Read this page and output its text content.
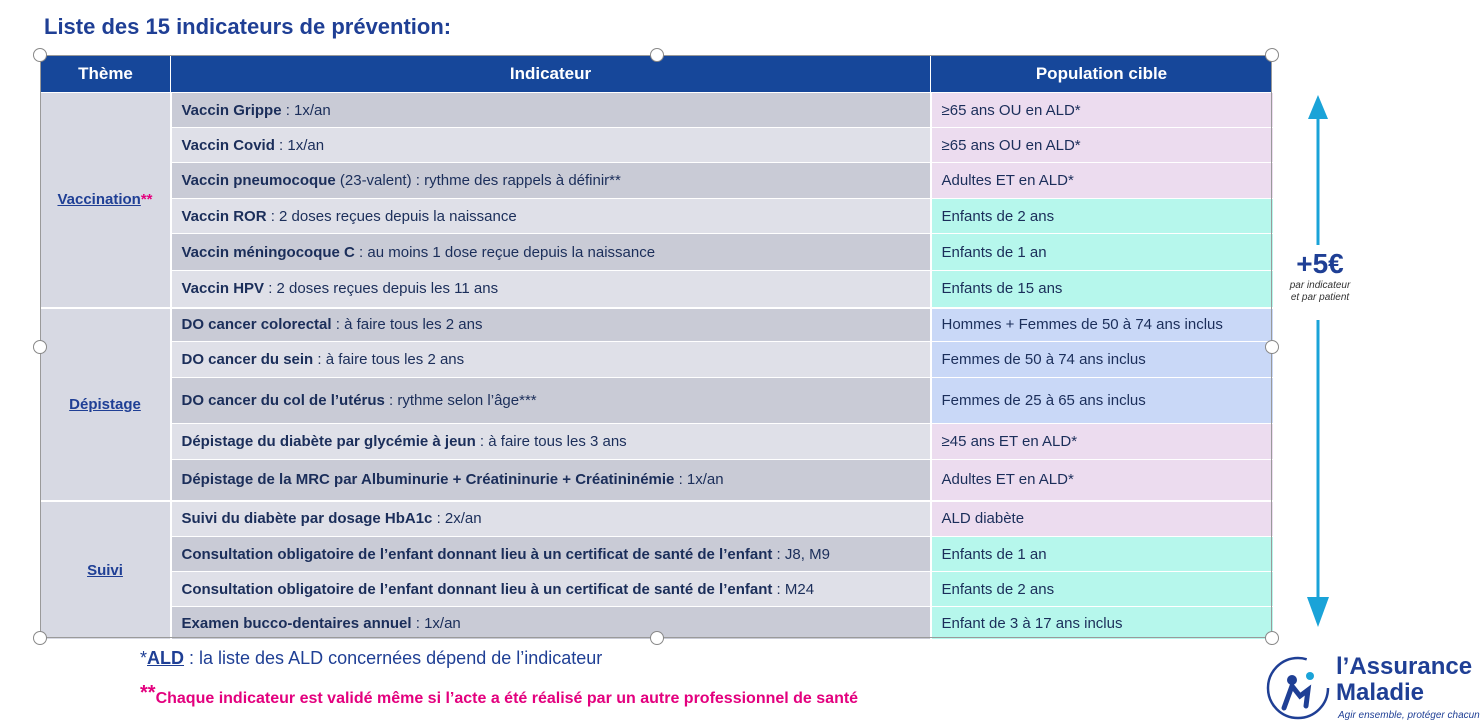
Liste des 15 indicateurs de prévention:
Thème	Indicateur	Population cible
Vaccination**	Vaccin Grippe : 1x/an	≥65 ans OU en ALD*
	Vaccin Covid : 1x/an	≥65 ans OU en ALD*
	Vaccin pneumocoque (23-valent) : rythme des rappels à définir**	Adultes ET en ALD*
	Vaccin ROR : 2 doses reçues depuis la naissance	Enfants de 2 ans
	Vaccin méningocoque C : au moins 1 dose reçue depuis la naissance	Enfants de 1 an
	Vaccin HPV : 2 doses reçues depuis les 11 ans	Enfants de 15 ans
Dépistage	DO cancer colorectal : à faire tous les 2 ans	Hommes + Femmes de 50 à 74 ans inclus
	DO cancer du sein : à faire tous les 2 ans	Femmes de 50 à 74 ans inclus
	DO cancer du col de l’utérus : rythme selon l’âge***	Femmes de 25 à 65 ans inclus
	Dépistage du diabète par glycémie à jeun : à faire tous les 3 ans	≥45 ans ET en ALD*
	Dépistage de la MRC par Albuminurie + Créatininurie + Créatininémie : 1x/an	Adultes ET en ALD*
Suivi	Suivi du diabète par dosage HbA1c : 2x/an	ALD diabète
	Consultation obligatoire de l’enfant donnant lieu à un certificat de santé de l’enfant : J8, M9	Enfants de 1 an
	Consultation obligatoire de l’enfant donnant lieu à un certificat de santé de l’enfant : M24	Enfants de 2 ans
	Examen bucco-dentaires annuel : 1x/an	Enfant de 3 à 17 ans inclus
+5€
par indicateur
et par patient
*ALD : la liste des ALD concernées dépend de l’indicateur
**Chaque indicateur est validé même si l’acte a été réalisé par un autre professionnel de santé
l’Assurance
Maladie
Agir ensemble, protéger chacun
